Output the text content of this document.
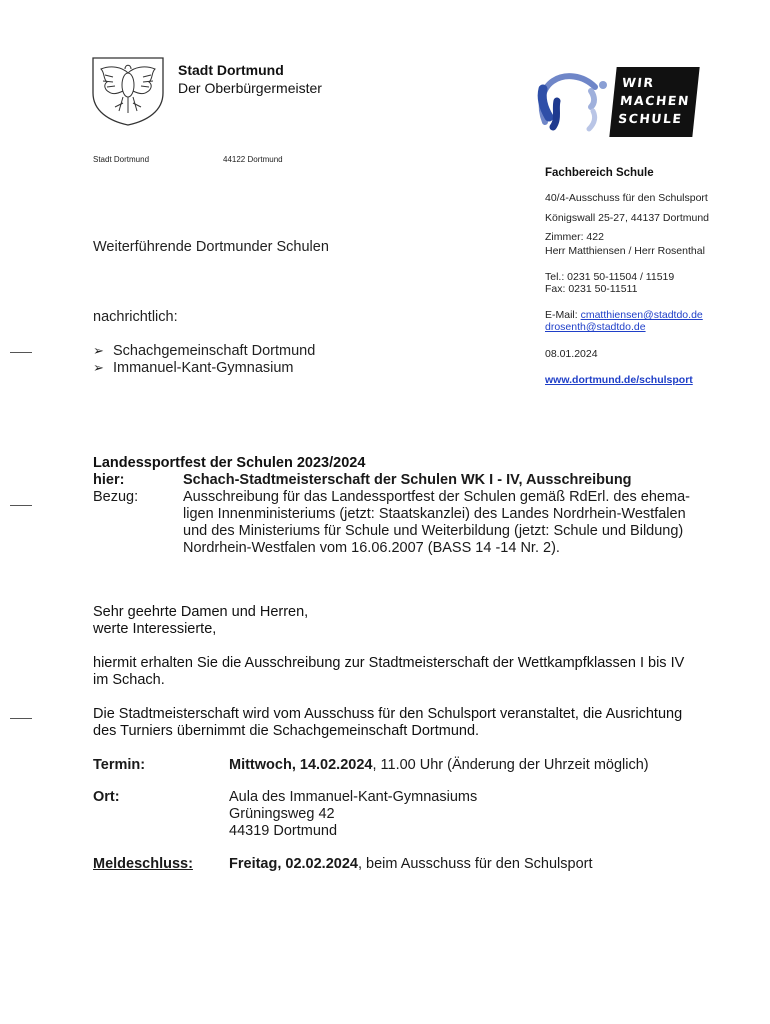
Stadt Dortmund
Der Oberbürgermeister
Stadt Dortmund	44122 Dortmund
WIR
MACHEN
SCHULE
Fachbereich Schule
40/4-Ausschuss für den Schulsport
Königswall 25-27, 44137 Dortmund
Zimmer: 422
Herr Matthiensen / Herr Rosenthal
Tel.: 0231 50-11504 / 11519
Fax: 0231 50-11511
E-Mail: cmatthiensen@stadtdo.de
drosenth@stadtdo.de
08.01.2024
www.dortmund.de/schulsport
Weiterführende Dortmunder Schulen
nachrichtlich:
➢ Schachgemeinschaft Dortmund
➢ Immanuel-Kant-Gymnasium
Landessportfest der Schulen 2023/2024
hier:	Schach-Stadtmeisterschaft der Schulen WK I - IV, Ausschreibung
Bezug:	Ausschreibung für das Landessportfest der Schulen gemäß RdErl. des ehema-
ligen Innenministeriums (jetzt: Staatskanzlei) des Landes Nordrhein-Westfalen
und des Ministeriums für Schule und Weiterbildung (jetzt: Schule und Bildung)
Nordrhein-Westfalen vom 16.06.2007 (BASS 14 -14 Nr. 2).
Sehr geehrte Damen und Herren,
werte Interessierte,
hiermit erhalten Sie die Ausschreibung zur Stadtmeisterschaft der Wettkampfklassen I bis IV
im Schach.
Die Stadtmeisterschaft wird vom Ausschuss für den Schulsport veranstaltet, die Ausrichtung
des Turniers übernimmt die Schachgemeinschaft Dortmund.
Termin:	Mittwoch, 14.02.2024, 11.00 Uhr (Änderung der Uhrzeit möglich)
Ort:	Aula des Immanuel-Kant-Gymnasiums
Grüningsweg 42
44319 Dortmund
Meldeschluss: Freitag, 02.02.2024, beim Ausschuss für den Schulsport
